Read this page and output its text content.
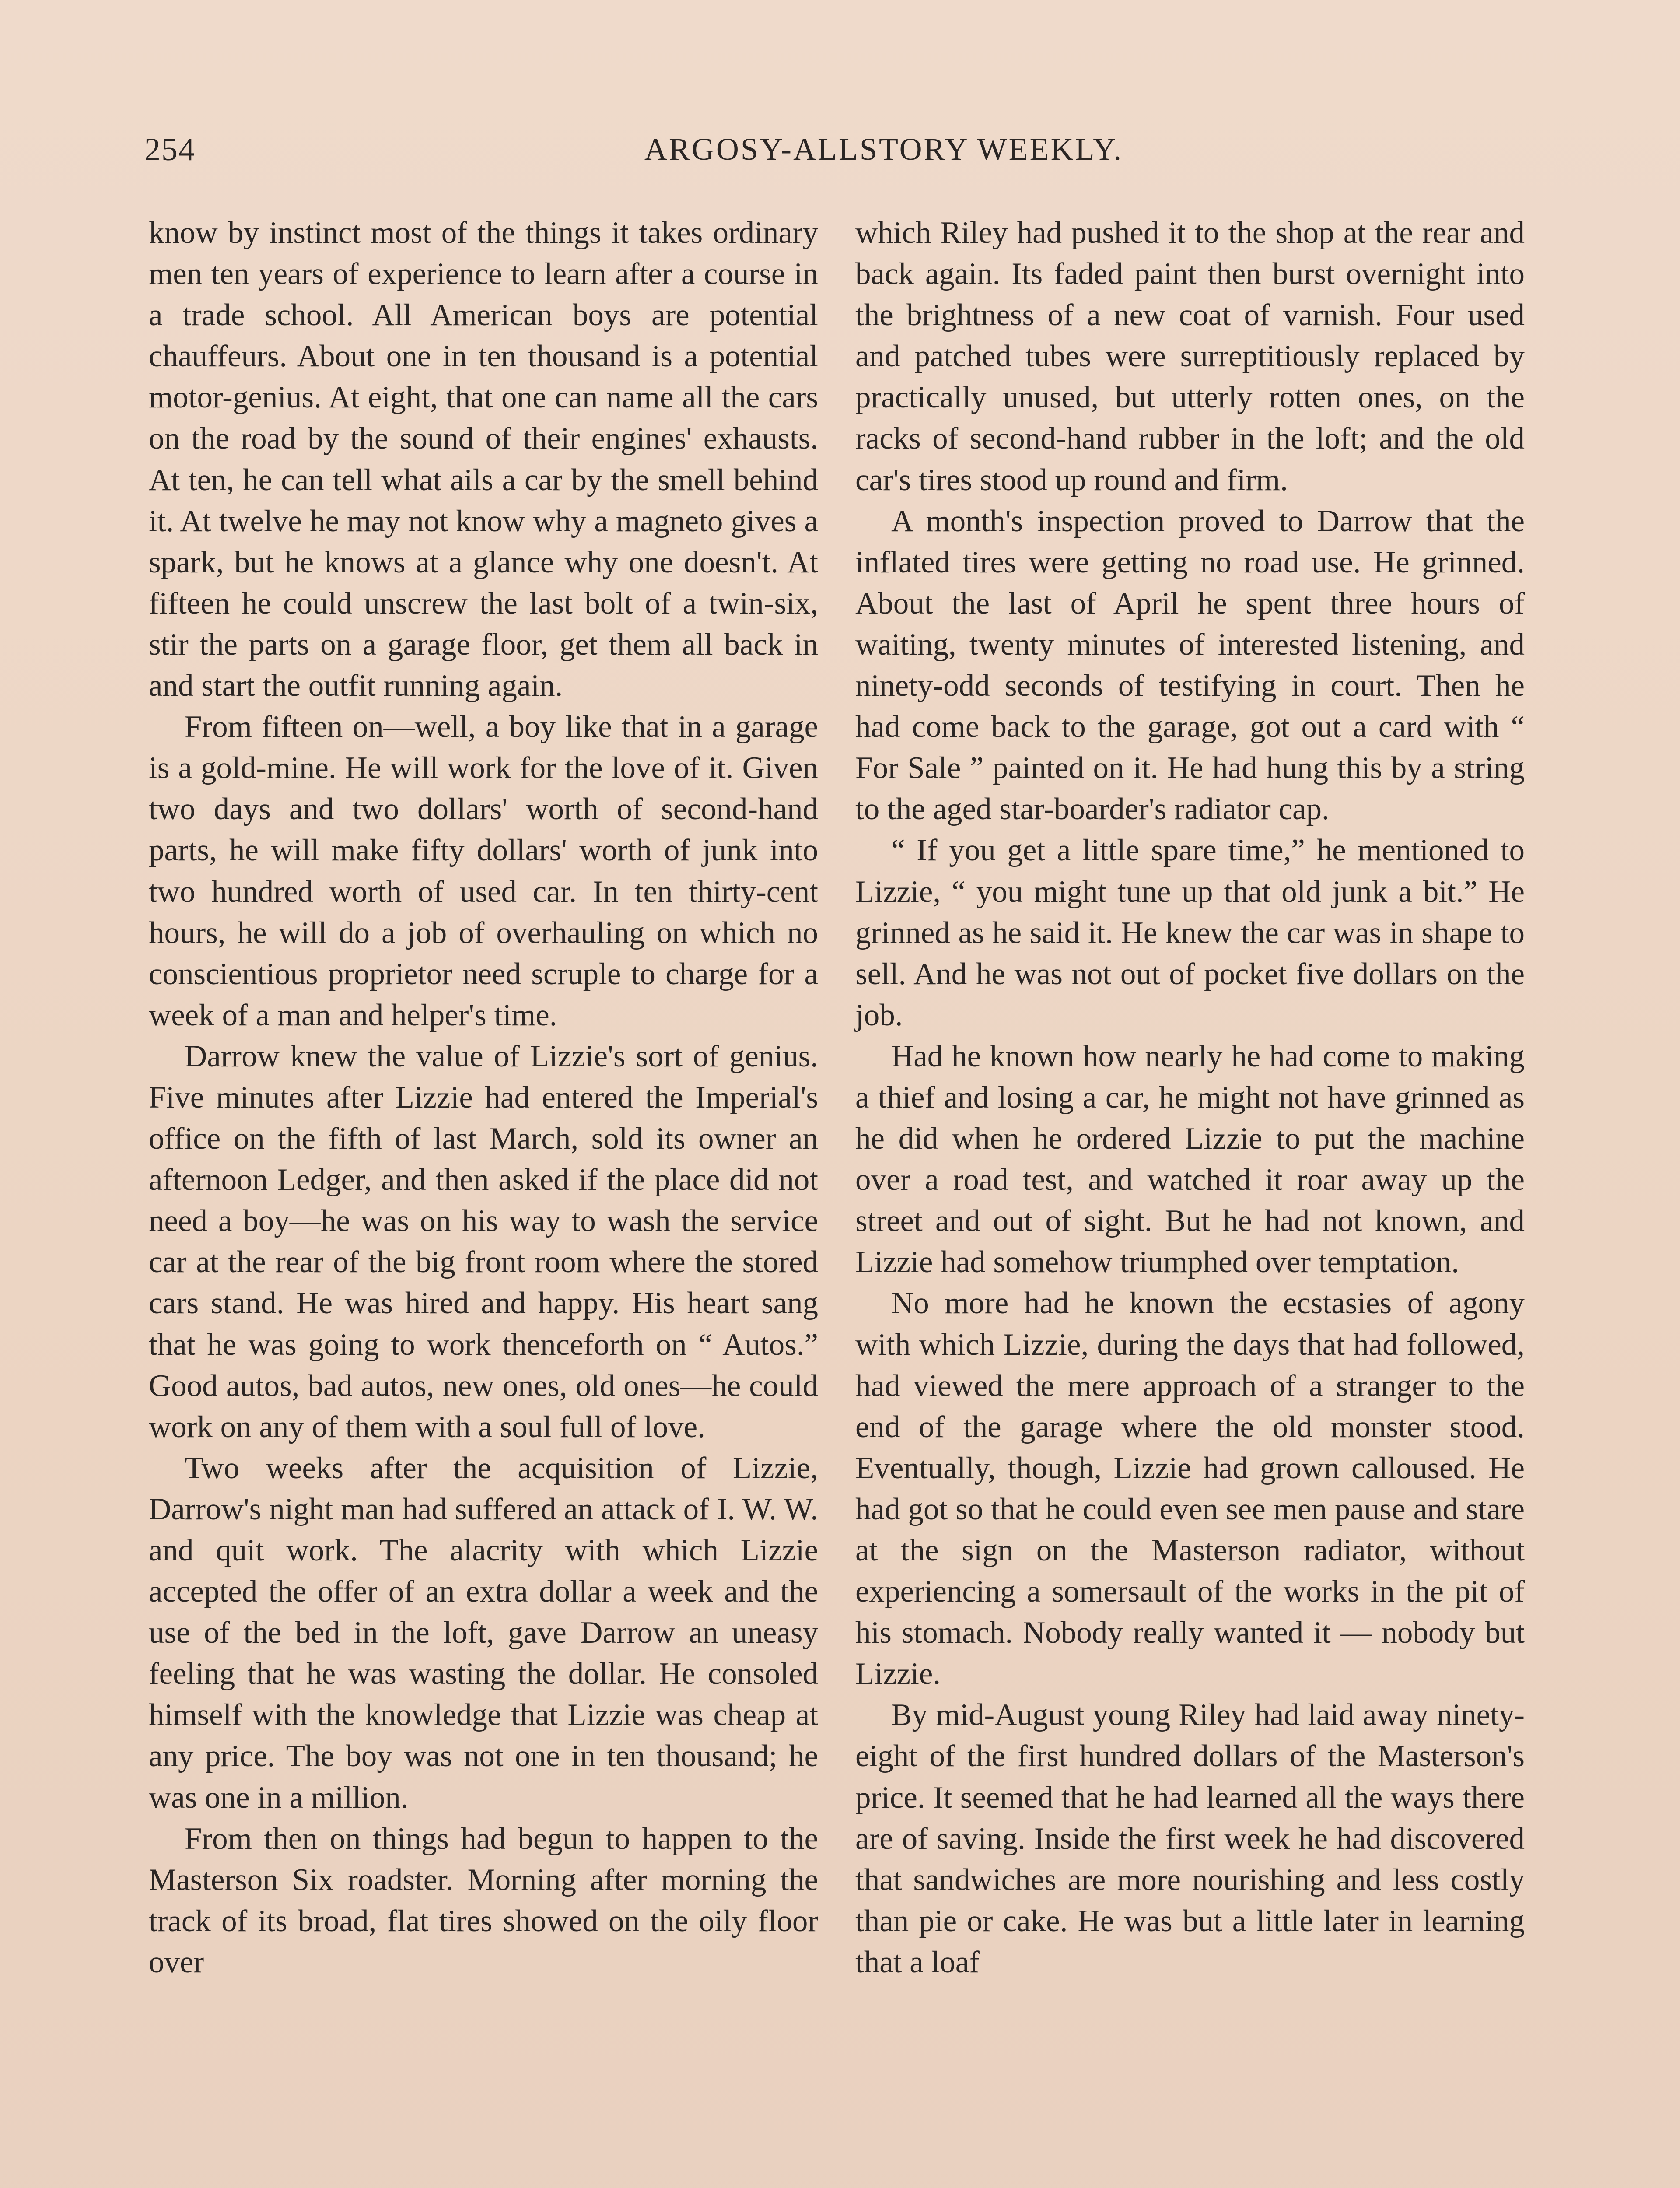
254	ARGOSY-ALLSTORY WEEKLY.

know by instinct most of the things it takes ordinary men ten years of experience to learn after a course in a trade school. All American boys are potential chauffeurs. About one in ten thousand is a potential motor-genius. At eight, that one can name all the cars on the road by the sound of their engines' exhausts. At ten, he can tell what ails a car by the smell behind it. At twelve he may not know why a magneto gives a spark, but he knows at a glance why one doesn't. At fifteen he could unscrew the last bolt of a twin-six, stir the parts on a garage floor, get them all back in and start the outfit running again.

From fifteen on—well, a boy like that in a garage is a gold-mine. He will work for the love of it. Given two days and two dollars' worth of second-hand parts, he will make fifty dollars' worth of junk into two hundred worth of used car. In ten thirty-cent hours, he will do a job of overhauling on which no conscientious proprietor need scruple to charge for a week of a man and helper's time.

Darrow knew the value of Lizzie's sort of genius. Five minutes after Lizzie had entered the Imperial's office on the fifth of last March, sold its owner an afternoon Ledger, and then asked if the place did not need a boy—he was on his way to wash the service car at the rear of the big front room where the stored cars stand. He was hired and happy. His heart sang that he was going to work thenceforth on “ Autos.” Good autos, bad autos, new ones, old ones—he could work on any of them with a soul full of love.

Two weeks after the acquisition of Lizzie, Darrow's night man had suffered an attack of I. W. W. and quit work. The alacrity with which Lizzie accepted the offer of an extra dollar a week and the use of the bed in the loft, gave Darrow an uneasy feeling that he was wasting the dollar. He consoled himself with the knowledge that Lizzie was cheap at any price. The boy was not one in ten thousand; he was one in a million.

From then on things had begun to happen to the Masterson Six roadster. Morning after morning the track of its broad, flat tires showed on the oily floor over

which Riley had pushed it to the shop at the rear and back again. Its faded paint then burst overnight into the brightness of a new coat of varnish. Four used and patched tubes were surreptitiously replaced by practically unused, but utterly rotten ones, on the racks of second-hand rubber in the loft; and the old car's tires stood up round and firm.

A month's inspection proved to Darrow that the inflated tires were getting no road use. He grinned. About the last of April he spent three hours of waiting, twenty minutes of interested listening, and ninety-odd seconds of testifying in court. Then he had come back to the garage, got out a card with “ For Sale ” painted on it. He had hung this by a string to the aged star-boarder's radiator cap.

“ If you get a little spare time,” he mentioned to Lizzie, “ you might tune up that old junk a bit.” He grinned as he said it. He knew the car was in shape to sell. And he was not out of pocket five dollars on the job.

Had he known how nearly he had come to making a thief and losing a car, he might not have grinned as he did when he ordered Lizzie to put the machine over a road test, and watched it roar away up the street and out of sight. But he had not known, and Lizzie had somehow triumphed over temptation.

No more had he known the ecstasies of agony with which Lizzie, during the days that had followed, had viewed the mere approach of a stranger to the end of the garage where the old monster stood. Eventually, though, Lizzie had grown calloused. He had got so that he could even see men pause and stare at the sign on the Masterson radiator, without experiencing a somersault of the works in the pit of his stomach. Nobody really wanted it — nobody but Lizzie.

By mid-August young Riley had laid away ninety-eight of the first hundred dollars of the Masterson's price. It seemed that he had learned all the ways there are of saving. Inside the first week he had discovered that sandwiches are more nourishing and less costly than pie or cake. He was but a little later in learning that a loaf
